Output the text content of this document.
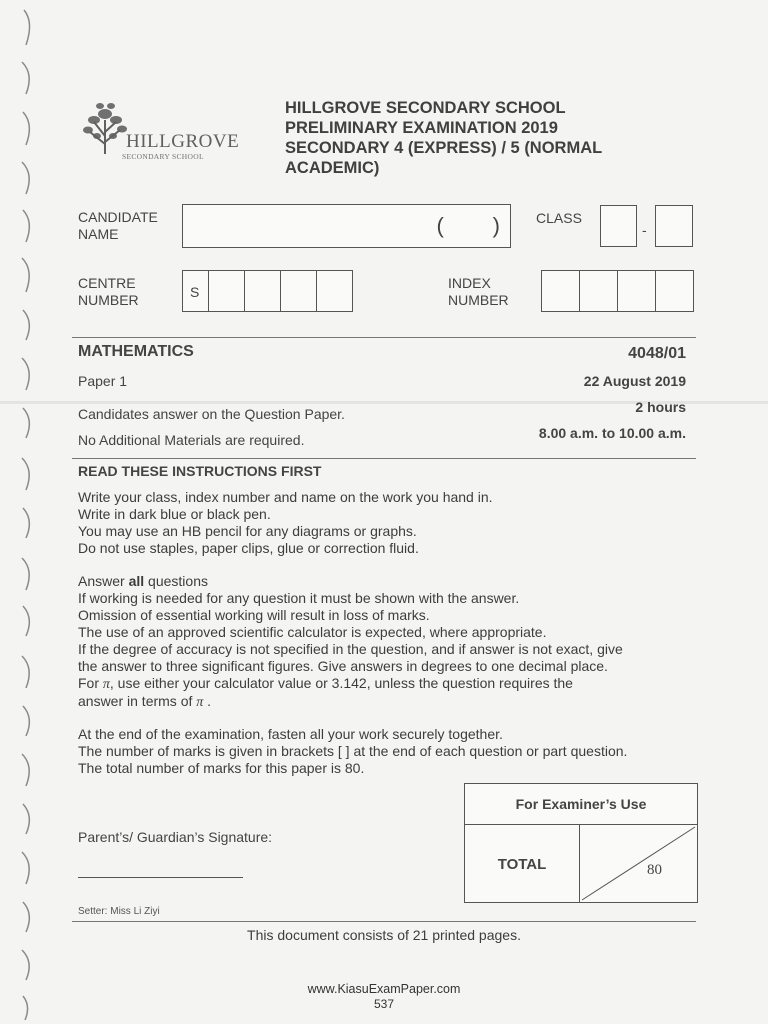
HILLGROVE
SECONDARY SCHOOL
HILLGROVE SECONDARY SCHOOL
PRELIMINARY EXAMINATION 2019
SECONDARY 4 (EXPRESS) / 5 (NORMAL
ACADEMIC)
CANDIDATE
NAME	(        )	CLASS
-
CENTRE
NUMBER	S
INDEX
NUMBER
MATHEMATICS	4048/01
Paper 1	22 August 2019
2 hours
Candidates answer on the Question Paper.
8.00 a.m. to 10.00 a.m.
No Additional Materials are required.
READ THESE INSTRUCTIONS FIRST
Write your class, index number and name on the work you hand in.
Write in dark blue or black pen.
You may use an HB pencil for any diagrams or graphs.
Do not use staples, paper clips, glue or correction fluid.
Answer all questions
If working is needed for any question it must be shown with the answer.
Omission of essential working will result in loss of marks.
The use of an approved scientific calculator is expected, where appropriate.
If the degree of accuracy is not specified in the question, and if answer is not exact, give
the answer to three significant figures. Give answers in degrees to one decimal place.
For π, use either your calculator value or 3.142, unless the question requires the
answer in terms of π .
At the end of the examination, fasten all your work securely together.
The number of marks is given in brackets [ ] at the end of each question or part question.
The total number of marks for this paper is 80.
For Examiner’s Use
TOTAL	80
Parent’s/ Guardian’s Signature:
Setter: Miss Li Ziyi
This document consists of 21 printed pages.
www.KiasuExamPaper.com
537
